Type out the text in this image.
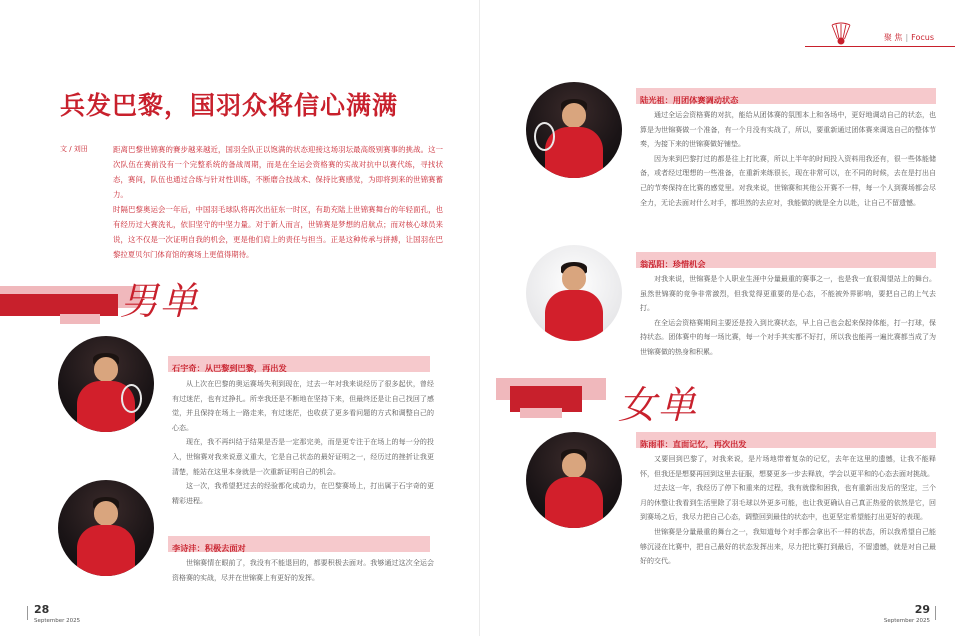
兵发巴黎，国羽众将信心满满
文 / 刘田	距离巴黎世锦赛的賽步越来越近，国羽全队正以饱满的状态迎接这场羽坛最高级别赛事的挑战。这一次队伍在赛前没有一个完整系统的备战周期，而是在全运会资格赛的实战对抗中以赛代练，寻找状态，赛间，队伍也通过合练与针对性训练，不断磨合技战术、保持比赛感觉，为即将到来的世锦赛蓄力。

时隔巴黎奥运会一年后，中国羽毛球队将再次出征东一时区，有助充陆上世锦赛舞台的年轻面孔，也有经历过大赛洗礼，依旧坚守的中坚力量。对于新人而言，世锦赛是梦想的启航点；而对核心球员来说，这不仅是一次证明自我的机会，更是他们肩上的责任与担当。正是这种传承与拼搏，让国羽在巴黎拉夏贝尔门体育馆的赛场上更值得期待。

男单
石宇奇：从巴黎到巴黎，再出发

从上次在巴黎的奥运赛场失利到现在，过去一年对我来说经历了很多起伏，曾经有过迷茫，也有过挣扎。所幸我还是不断地在坚持下来，但最终还是让自己找回了感觉，并且保持在场上一路走来，有过迷茫，也收获了更多看问题的方式和调整自己的心态。

现在，我不再纠结于结果是否是一定那完美，而是更专注于在场上的每一分的投入，世锦赛对我来说意义重大，它是自己状态的最好证明之一，经历过的挫折让我更清楚，能站在这里本身就是一次重新证明自己的机会。

这一次，我希望把过去的经验都化成动力，在巴黎赛场上，打出属于石宇奇的更精彩进程。

李诗沣：积极去面对

世锦赛情在眼前了，我没有不能退回的，都要积极去面对。我够通过这次全运会资格赛的实战，尽并在世锦赛上有更好的发挥。

28
September 2025
陆光祖：用团体赛调动状态

通过全运会资格赛的对抗，能给从团体赛的氛围本上和各场中，更好地调动自己的状态，也算是为世锦赛做一个准备，有一个月没有实战了，所以，要重新通过团体赛来调选自己的整体节奏，为接下来的世锦赛做好铺垫。

因为来到巴黎打过的都是往上打比赛，所以上半年的时间投入资料用我还有，很一些体能储备，或者经过理想的一些准备，在重新来练很长，现在非常可以，在不同的时候，去在是打出自己的节奏保持在比赛的感觉里。对我来说，世锦赛和其他公开赛不一样，每一个人到赛场都会尽全力，无论去面对什么对手，都坦然的去应对，我能做的就是全力以赴，让自己不留遗憾。

翁泓阳：珍惜机会

对我来说，世锦赛是个人职业生涯中分量最重的赛事之一，也是我一直很渴望站上的舞台。虽然世锦赛的竞争非常激烈，但我觉得更重要的是心态，不能被外界影响，要把自己的上气去打。

在全运会资格赛期间主要还是投入到比赛状态，早上自己也会起来保持体能，打一打球，保持状态。团体赛中的每一场比赛，每一个对手其实都不好打，所以我也能再一遍比赛都当成了为世锦赛做的热身和积累。

女单
陈雨菲：直面记忆，再次出发

又要回到巴黎了，对我来说，是片场地带着复杂的记忆，去年在这里的遗憾，让我不能释怀，但我还是想要再回到这里去征服，想要更多一步去释放，学会以更平和的心态去面对挑战。

过去这一年，我经历了停下和重来的过程，我有就像和困我，也有重新出发后的坚定，三个月的休整让我看到生活里除了羽毛球以外更多可能，也让我更确认自己真正热爱的依然是它，回到赛场之后，我尽力把自己心态，调整回到最佳的状态中，也更坚定希望能打出更好的表现。

世锦赛是分量最重的舞台之一，我知道每个对手都会拿出不一样的状态，所以我希望自己能够沉浸在比赛中，把自己最好的状态发挥出来，尽力把比赛打到最后，不留遗憾，就是对自己最好的交代。

29
September 2025
聚 焦 | Focus
